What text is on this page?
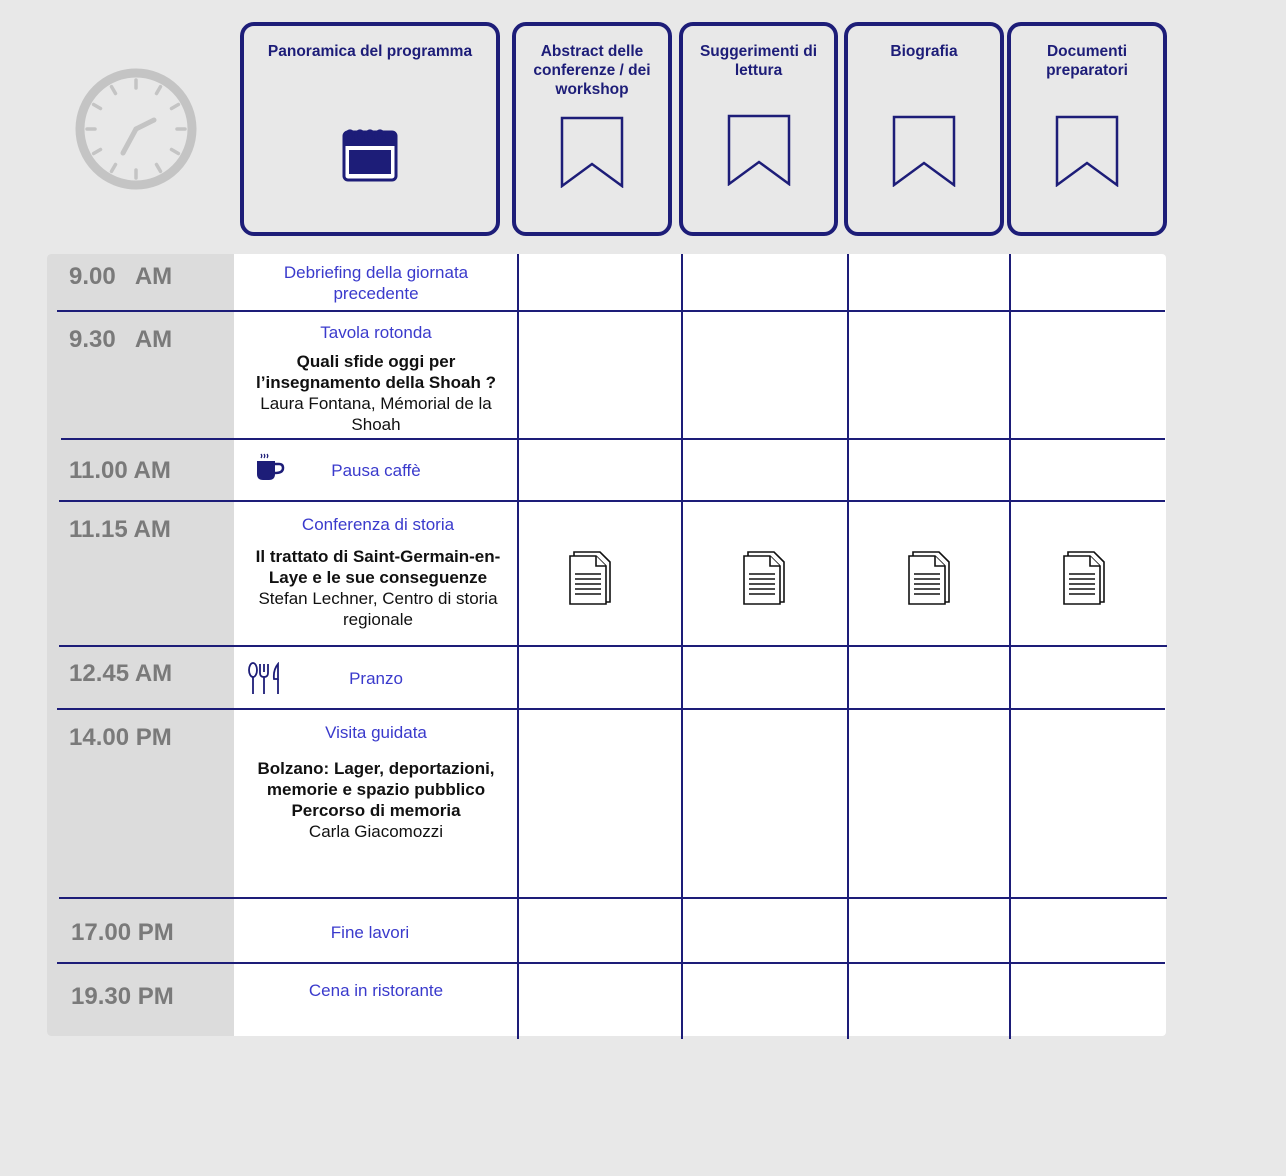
Panoramica del programma	Abstract delle conferenze / dei workshop
Suggerimenti di lettura
Biografia	Documenti preparatori
9.00   AM
9.30   AM
11.00 AM
11.15 AM
12.45 AM
14.00 PM
17.00 PM
19.30 PM
Debriefing della giornata precedente
Tavola rotonda
Quali sfide oggi per l’insegnamento della Shoah ?
Laura Fontana, Mémorial de la Shoah
Pausa caffè
Conferenza di storia
Il trattato di Saint-Germain-en-Laye e le sue conseguenze
Stefan Lechner, Centro di storia regionale
Pranzo
Visita guidata
Bolzano: Lager, deportazioni, memorie e spazio pubblico
Percorso di memoria
Carla Giacomozzi
Fine lavori
Cena in ristorante
